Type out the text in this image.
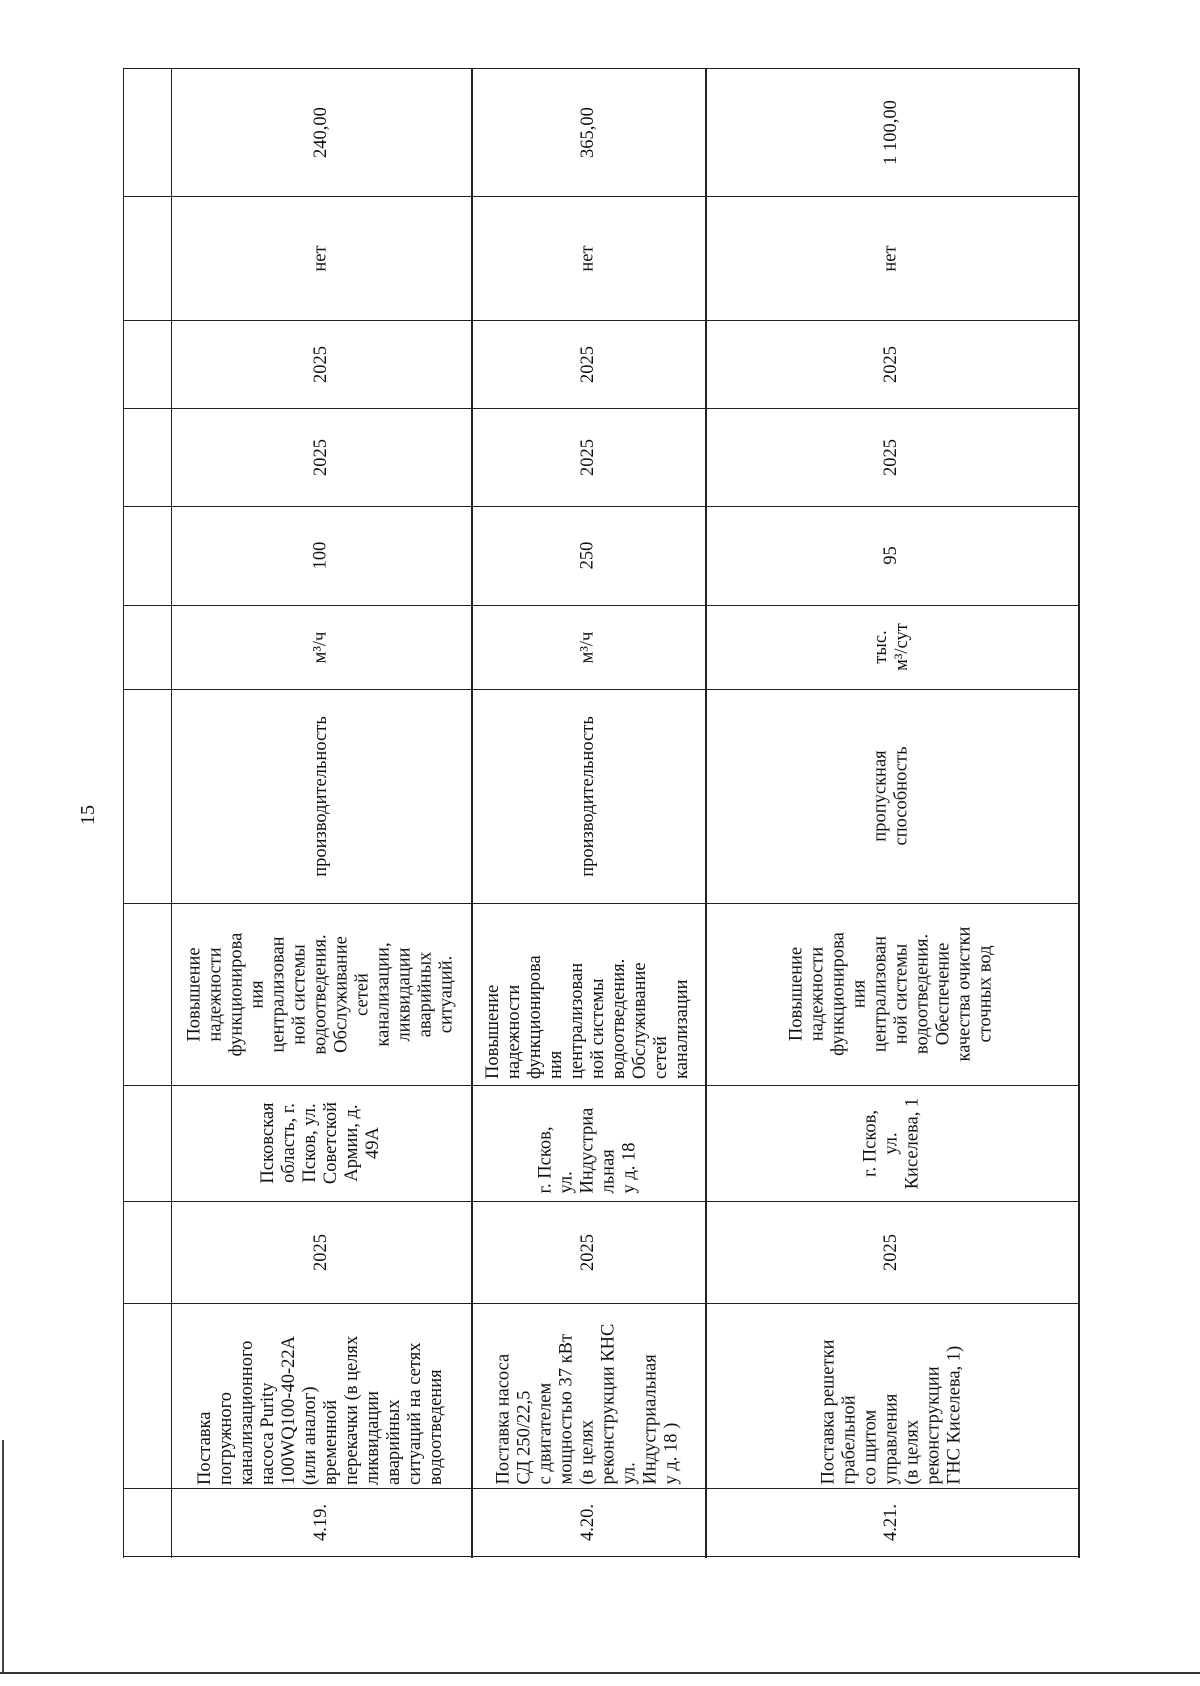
15
4.19.
Поставка
погружного
канализационного
насоса Purity
100WQ100-40-22A
(или аналог)
временной
перекачки (в целях
ликвидации
аварийных
ситуаций на сетях
водоотведения
2025
Псковская
область, г.
Псков, ул.
Советской
Армии, д.
49А
Повышение
надежности
функционирова
ния
централизован
ной системы
водоотведения.
Обслуживание
сетей
канализации,
ликвидации
аварийных
ситуаций.
производительность
м³/ч
100
2025
2025
нет
240,00
4.20.
Поставка насоса
СД 250/22,5
с двигателем
мощностью 37 кВт
(в целях
реконструкции КНС
ул.
Индустриальная
у д. 18 )
2025
г. Псков,
ул.
Индустриа
льная
у д. 18
Повышение
надежности
функционирова
ния
централизован
ной системы
водоотведения.
Обслуживание
сетей
канализации
производительность
м³/ч
250
2025
2025
нет
365,00
4.21.
Поставка решетки
грабельной
со щитом
управления
(в целях
реконструкции
ГНС Киселева, 1)
2025
г. Псков,
ул.
Киселева, 1
Повышение
надежности
функционирова
ния
централизован
ной системы
водоотведения.
Обеспечение
качества очистки
сточных вод
пропускная
способность
тыс.
м³/сут
95
2025
2025
нет
1 100,00
